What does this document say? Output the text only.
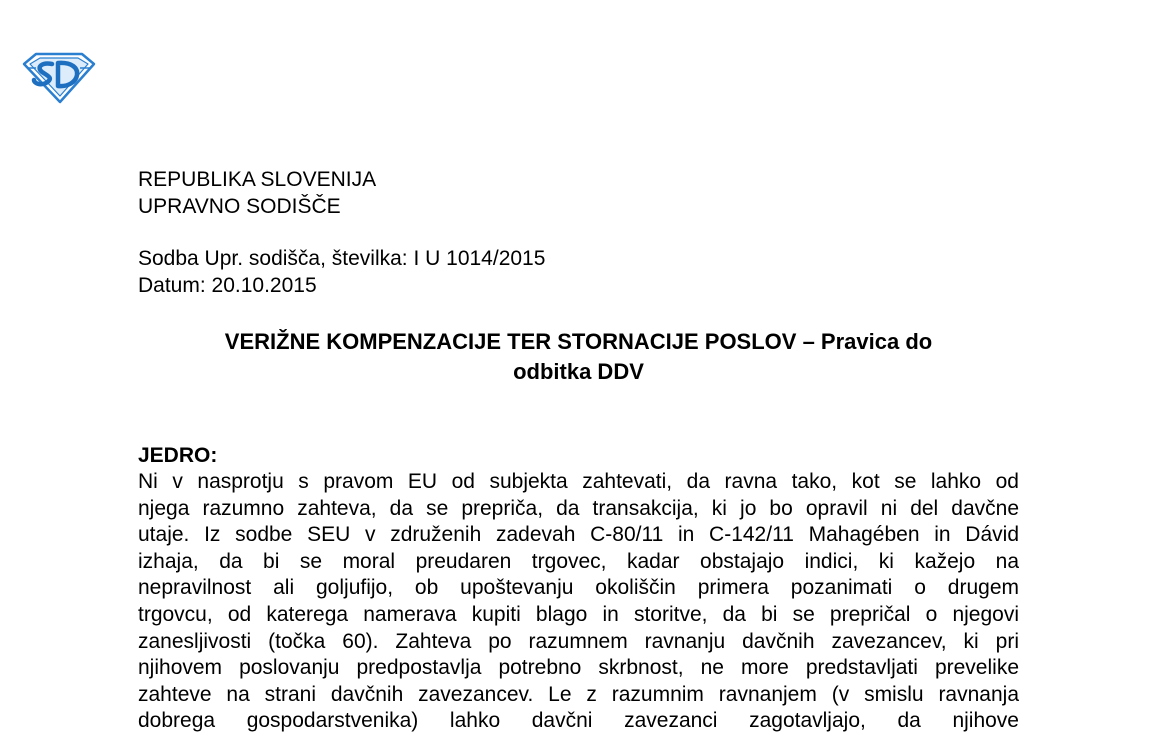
REPUBLIKA SLOVENIJA
UPRAVNO SODIŠČE
Sodba Upr. sodišča, številka: I U 1014/2015
Datum: 20.10.2015
VERIŽNE KOMPENZACIJE TER STORNACIJE POSLOV – Pravica do
odbitka DDV
JEDRO:
Ni v nasprotju s pravom EU od subjekta zahtevati, da ravna tako, kot se lahko od
njega razumno zahteva, da se prepriča, da transakcija, ki jo bo opravil ni del davčne
utaje. Iz sodbe SEU v združenih zadevah C-80/11 in C-142/11 Mahagében in Dávid
izhaja, da bi se moral preudaren trgovec, kadar obstajajo indici, ki kažejo na
nepravilnost ali goljufijo, ob upoštevanju okoliščin primera pozanimati o drugem
trgovcu, od katerega namerava kupiti blago in storitve, da bi se prepričal o njegovi
zanesljivosti (točka 60). Zahteva po razumnem ravnanju davčnih zavezancev, ki pri
njihovem poslovanju predpostavlja potrebno skrbnost, ne more predstavljati prevelike
zahteve na strani davčnih zavezancev. Le z razumnim ravnanjem (v smislu ravnanja
dobrega gospodarstvenika) lahko davčni zavezanci zagotavljajo, da njihove
